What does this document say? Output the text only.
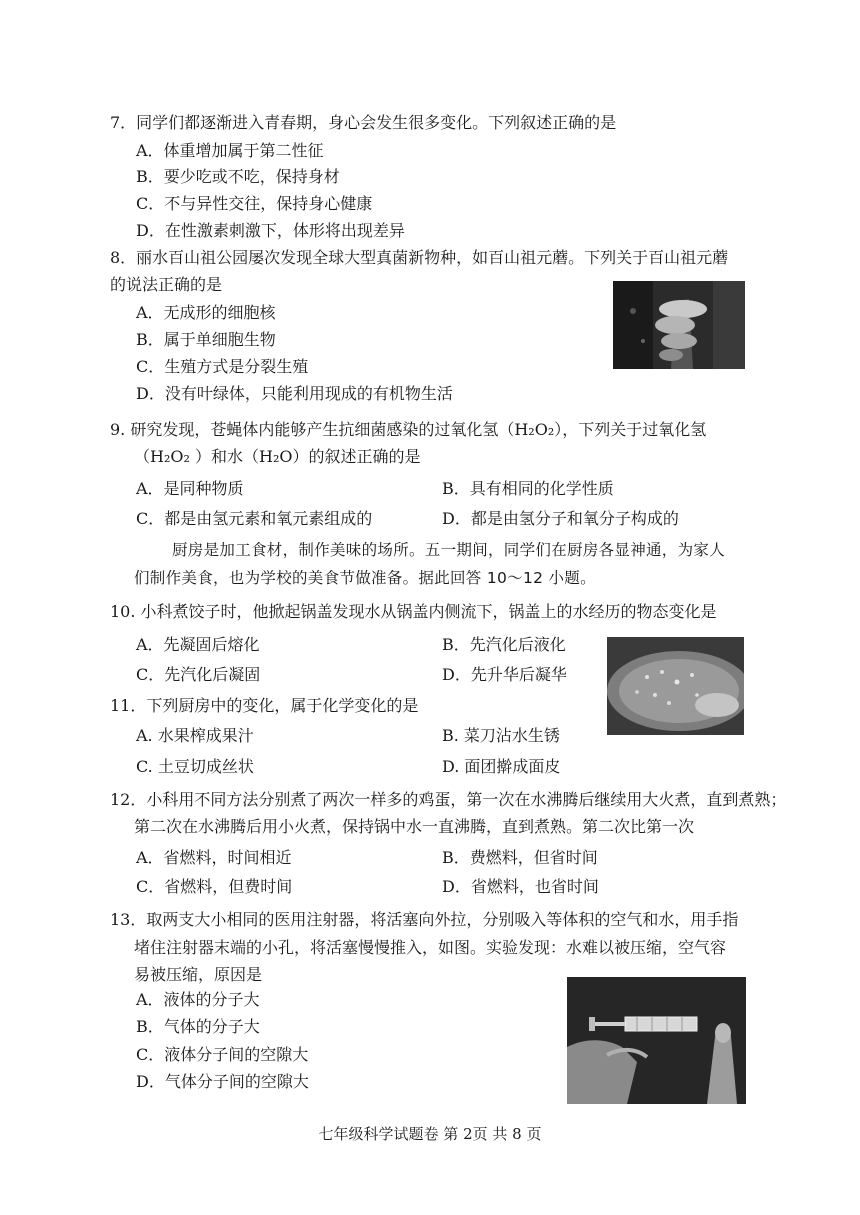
7．同学们都逐渐进入青春期，身心会发生很多变化。下列叙述正确的是
A．体重增加属于第二性征
B．要少吃或不吃，保持身材
C．不与异性交往，保持身心健康
D．在性激素刺激下，体形将出现差异
8．丽水百山祖公园屡次发现全球大型真菌新物种，如百山祖元蘑。下列关于百山祖元蘑
的说法正确的是
A．无成形的细胞核
B．属于单细胞生物
C．生殖方式是分裂生殖
D．没有叶绿体，只能利用现成的有机物生活
9. 研究发现，苍蝇体内能够产生抗细菌感染的过氧化氢（H₂O₂），下列关于过氧化氢
（H₂O₂ ）和水（H₂O）的叙述正确的是
A．是同种物质	B．具有相同的化学性质
C．都是由氢元素和氧元素组成的	D．都是由氢分子和氧分子构成的
厨房是加工食材，制作美味的场所。五一期间，同学们在厨房各显神通，为家人
们制作美食，也为学校的美食节做准备。据此回答 10～12 小题。
10. 小科煮饺子时，他掀起锅盖发现水从锅盖内侧流下，锅盖上的水经历的物态变化是
A．先凝固后熔化	B．先汽化后液化
C．先汽化后凝固	D．先升华后凝华
11．下列厨房中的变化，属于化学变化的是
A. 水果榨成果汁	B. 菜刀沾水生锈
C. 土豆切成丝状	D. 面团擀成面皮
12．小科用不同方法分别煮了两次一样多的鸡蛋，第一次在水沸腾后继续用大火煮，直到煮熟；
第二次在水沸腾后用小火煮，保持锅中水一直沸腾，直到煮熟。第二次比第一次
A．省燃料，时间相近	B．费燃料，但省时间
C．省燃料，但费时间	D．省燃料，也省时间
13．取两支大小相同的医用注射器，将活塞向外拉，分别吸入等体积的空气和水，用手指
堵住注射器末端的小孔，将活塞慢慢推入，如图。实验发现：水难以被压缩，空气容
易被压缩，原因是
A．液体的分子大
B．气体的分子大
C．液体分子间的空隙大
D．气体分子间的空隙大
七年级科学试题卷 第 2页 共 8 页
